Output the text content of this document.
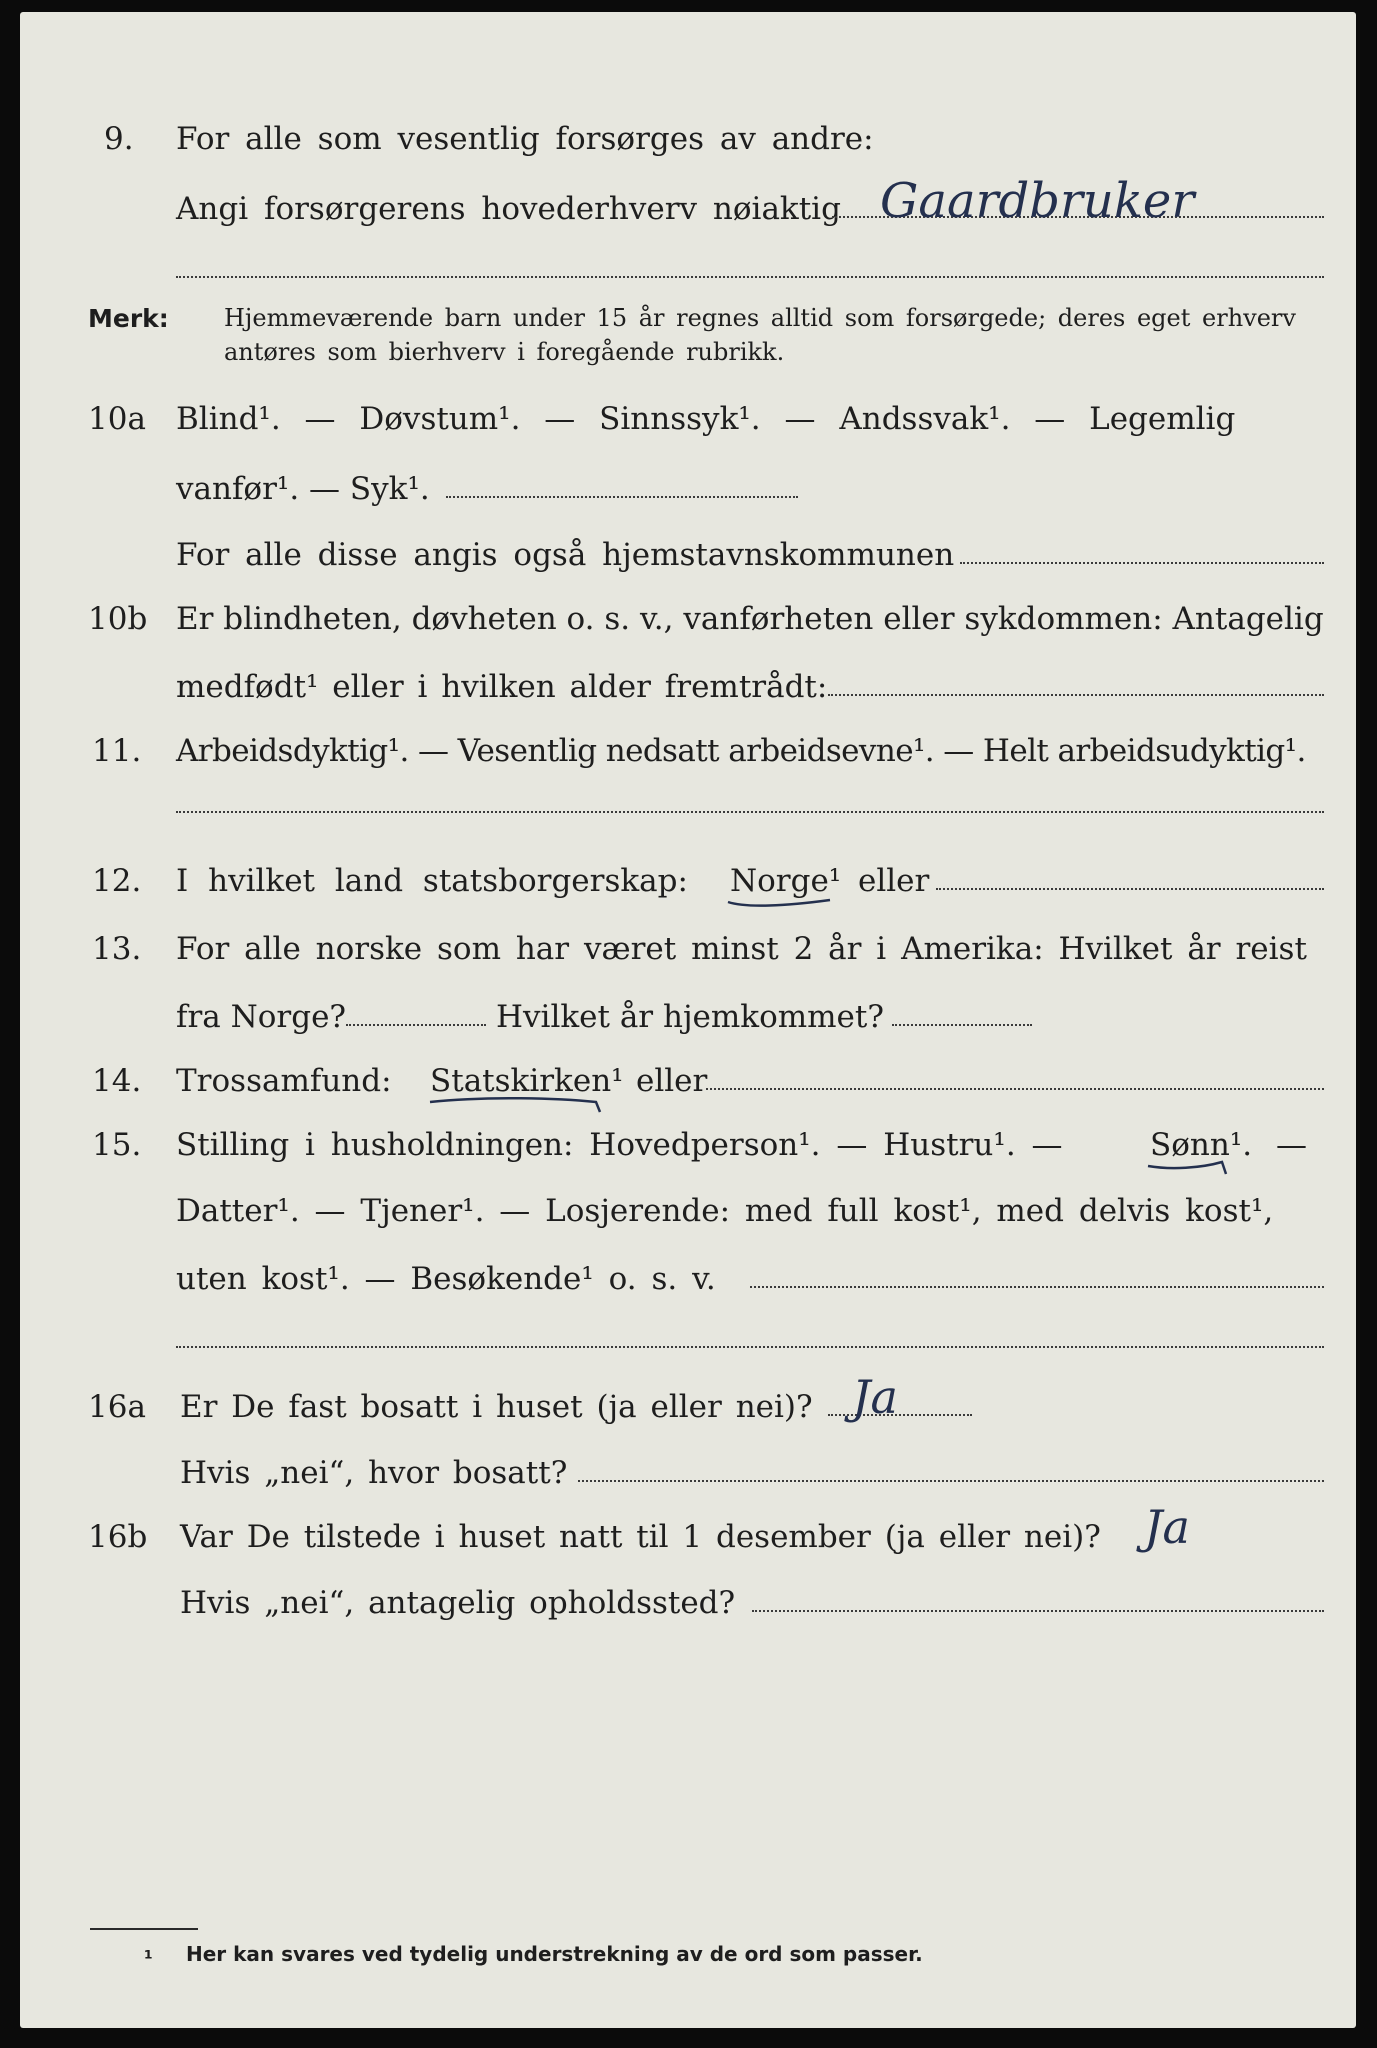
9. For alle som vesentlig forsørges av andre:
Angi forsørgerens hovederhverv nøiaktig Gaardbruker
Merk: Hjemmeværende barn under 15 år regnes alltid som forsørgede; deres eget erhverv
antøres som bierhverv i foregående rubrikk.
10a Blind¹. — Døvstum¹. — Sinnssyk¹. — Andssvak¹. — Legemlig
vanfør¹. — Syk¹.
For alle disse angis også hjemstavnskommunen
10b Er blindheten, døvheten o. s. v., vanførheten eller sykdommen: Antagelig
medfødt¹ eller i hvilken alder fremtrådt:
11. Arbeidsdyktig¹. — Vesentlig nedsatt arbeidsevne¹. — Helt arbeidsudyktig¹.
12. I hvilket land statsborgerskap: Norge¹ eller
13. For alle norske som har været minst 2 år i Amerika: Hvilket år reist
fra Norge?	Hvilket år hjemkommet?
14. Trossamfund: Statskirken¹ eller
15. Stilling i husholdningen: Hovedperson¹. — Hustru¹. —	Sønn¹. —
Datter¹. — Tjener¹. — Losjerende: med full kost¹, med delvis kost¹,
uten kost¹. — Besøkende¹ o. s. v.
16a Er De fast bosatt i huset (ja eller nei)? Ja
Hvis „nei“, hvor bosatt?
16b Var De tilstede i huset natt til 1 desember (ja eller nei)? Ja
Hvis „nei“, antagelig opholdssted?
¹ Her kan svares ved tydelig understrekning av de ord som passer.
